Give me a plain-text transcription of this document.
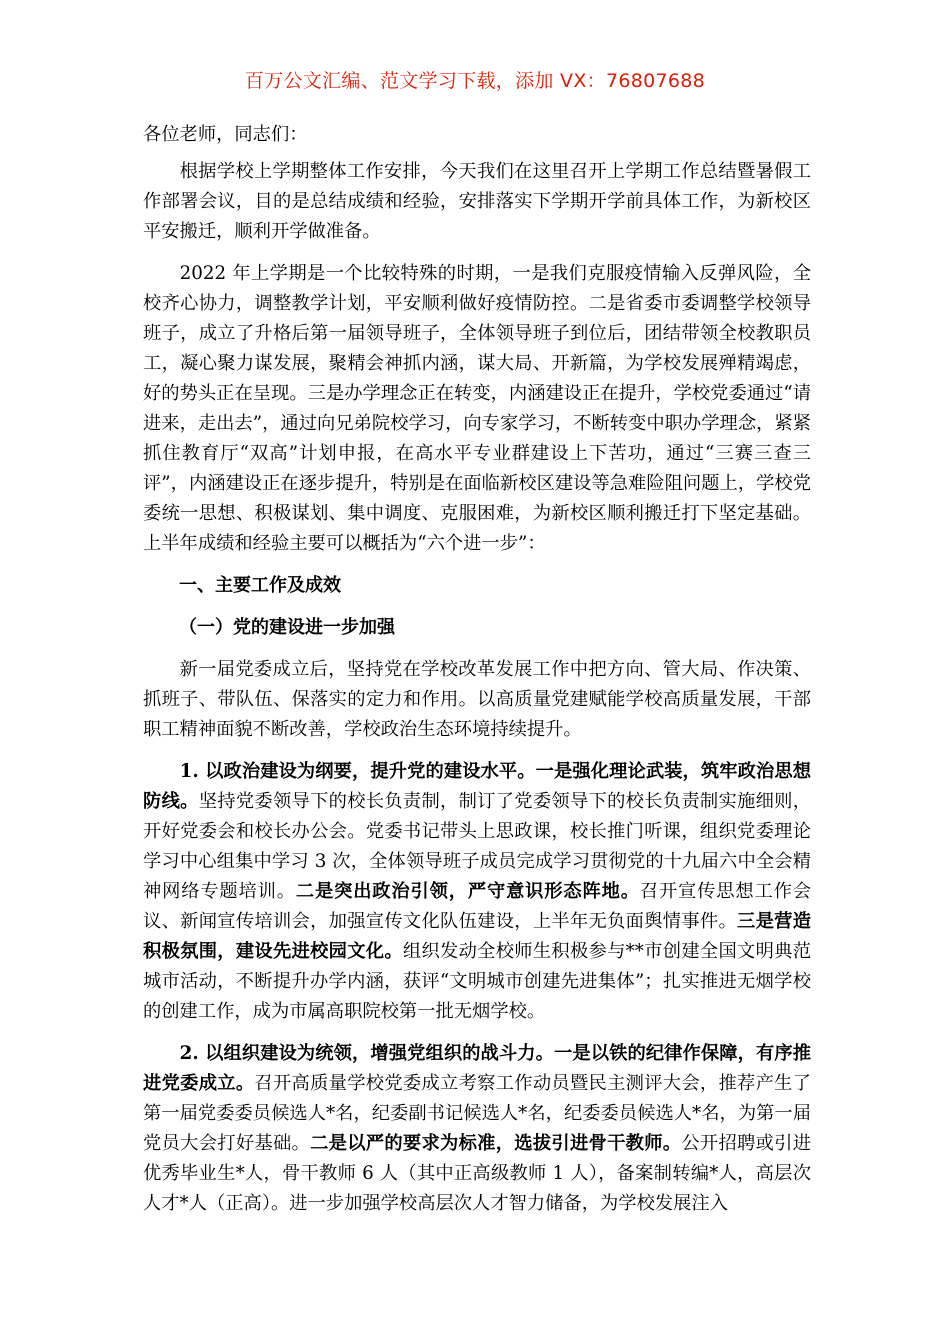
百万公文汇编、范文学习下载，添加 VX：76807688

各位老师，同志们：

根据学校上学期整体工作安排，今天我们在这里召开上学期工作总结暨暑假工作部署会议，目的是总结成绩和经验，安排落实下学期开学前具体工作，为新校区平安搬迁，顺利开学做准备。

2022 年上学期是一个比较特殊的时期，一是我们克服疫情输入反弹风险，全校齐心协力，调整教学计划，平安顺利做好疫情防控。二是省委市委调整学校领导班子，成立了升格后第一届领导班子，全体领导班子到位后，团结带领全校教职员工，凝心聚力谋发展，聚精会神抓内涵，谋大局、开新篇，为学校发展殚精竭虑，好的势头正在呈现。三是办学理念正在转变，内涵建设正在提升，学校党委通过“请进来，走出去”，通过向兄弟院校学习，向专家学习，不断转变中职办学理念，紧紧抓住教育厅“双高”计划申报，在高水平专业群建设上下苦功，通过“三赛三查三评”，内涵建设正在逐步提升，特别是在面临新校区建设等急难险阻问题上，学校党委统一思想、积极谋划、集中调度、克服困难，为新校区顺利搬迁打下坚定基础。上半年成绩和经验主要可以概括为“六个进一步”：

一、主要工作及成效

（一）党的建设进一步加强

新一届党委成立后，坚持党在学校改革发展工作中把方向、管大局、作决策、抓班子、带队伍、保落实的定力和作用。以高质量党建赋能学校高质量发展，干部职工精神面貌不断改善，学校政治生态环境持续提升。

1. 以政治建设为纲要，提升党的建设水平。一是强化理论武装，筑牢政治思想防线。坚持党委领导下的校长负责制，制订了党委领导下的校长负责制实施细则，开好党委会和校长办公会。党委书记带头上思政课，校长推门听课，组织党委理论学习中心组集中学习 3 次，全体领导班子成员完成学习贯彻党的十九届六中全会精神网络专题培训。二是突出政治引领，严守意识形态阵地。召开宣传思想工作会议、新闻宣传培训会，加强宣传文化队伍建设，上半年无负面舆情事件。三是营造积极氛围，建设先进校园文化。组织发动全校师生积极参与**市创建全国文明典范城市活动，不断提升办学内涵，获评“文明城市创建先进集体”；扎实推进无烟学校的创建工作，成为市属高职院校第一批无烟学校。

2. 以组织建设为统领，增强党组织的战斗力。一是以铁的纪律作保障，有序推进党委成立。召开高质量学校党委成立考察工作动员暨民主测评大会，推荐产生了第一届党委委员候选人*名，纪委副书记候选人*名，纪委委员候选人*名，为第一届党员大会打好基础。二是以严的要求为标准，选拔引进骨干教师。公开招聘或引进优秀毕业生*人，骨干教师 6 人（其中正高级教师 1 人），备案制转编*人，高层次人才*人（正高）。进一步加强学校高层次人才智力储备，为学校发展注入
